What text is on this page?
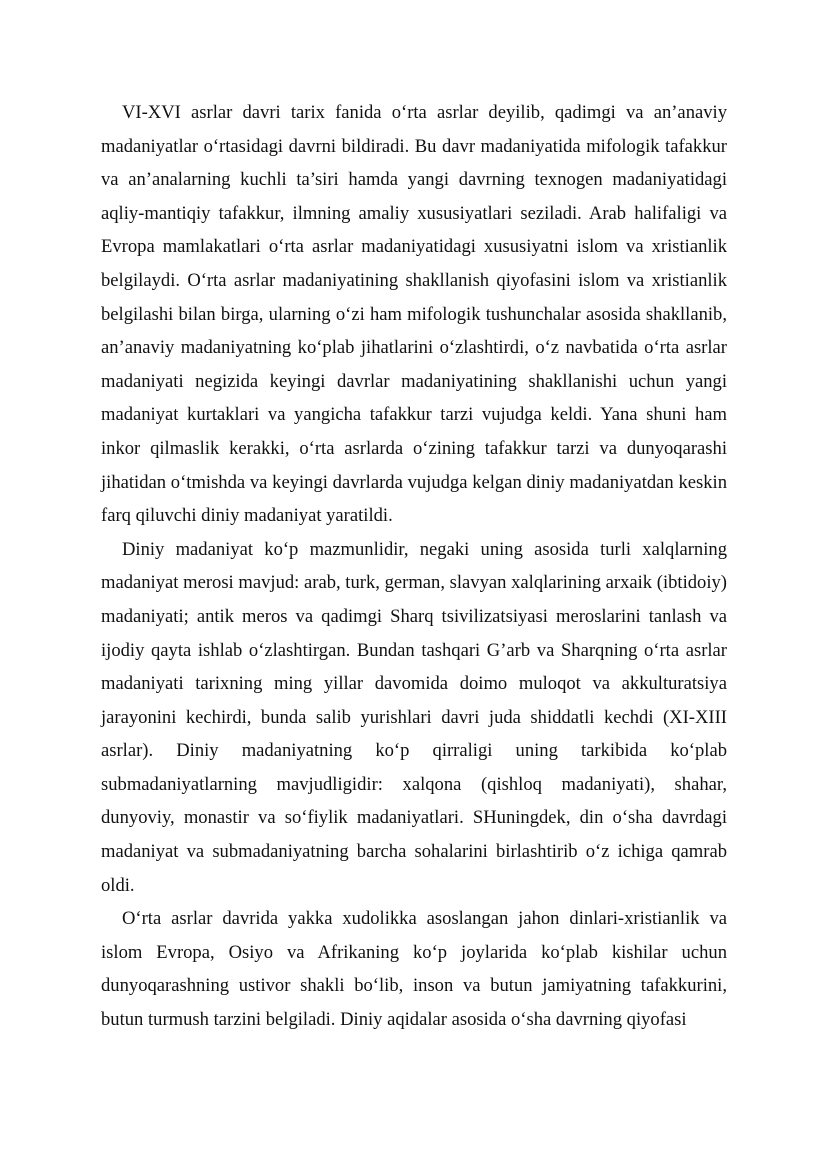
VI-XVI asrlar davri tarix fanida o‘rta asrlar deyilib, qadimgi va an’anaviy madaniyatlar o‘rtasidagi davrni bildiradi. Bu davr madaniyatida mifologik tafakkur va an’analarning kuchli ta’siri hamda yangi davrning texnogen madaniyatidagi aqliy-mantiqiy tafakkur, ilmning amaliy xususiyatlari seziladi. Arab halifaligi va Evropa mamlakatlari o‘rta asrlar madaniyatidagi xususiyatni islom va xristianlik belgilaydi. O‘rta asrlar madaniyatining shakllanish qiyofasini islom va xristianlik belgilashi bilan birga, ularning o‘zi ham mifologik tushunchalar asosida shakllanib, an’anaviy madaniyatning ko‘plab jihatlarini o‘zlashtirdi, o‘z navbatida o‘rta asrlar madaniyati negizida keyingi davrlar madaniyatining shakllanishi uchun yangi madaniyat kurtaklari va yangicha tafakkur tarzi vujudga keldi. Yana shuni ham inkor qilmaslik kerakki, o‘rta asrlarda o‘zining tafakkur tarzi va dunyoqarashi jihatidan o‘tmishda va keyingi davrlarda vujudga kelgan diniy madaniyatdan keskin farq qiluvchi diniy madaniyat yaratildi.

Diniy madaniyat ko‘p mazmunlidir, negaki uning asosida turli xalqlarning madaniyat merosi mavjud: arab, turk, german, slavyan xalqlarining arxaik (ibtidoiy) madaniyati; antik meros va qadimgi Sharq tsivilizatsiyasi meroslarini tanlash va ijodiy qayta ishlab o‘zlashtirgan. Bundan tashqari G’arb va Sharqning o‘rta asrlar madaniyati tarixning ming yillar davomida doimo muloqot va akkulturatsiya jarayonini kechirdi, bunda salib yurishlari davri juda shiddatli kechdi (XI-XIII asrlar). Diniy madaniyatning ko‘p qirraligi uning tarkibida ko‘plab submadaniyatlarning mavjudligidir: xalqona (qishloq madaniyati), shahar, dunyoviy, monastir va so‘fiylik madaniyatlari. SHuningdek, din o‘sha davrdagi madaniyat va submadaniyatning barcha sohalarini birlashtirib o‘z ichiga qamrab oldi.

O‘rta asrlar davrida yakka xudolikka asoslangan jahon dinlari-xristianlik va islom Evropa, Osiyo va Afrikaning ko‘p joylarida ko‘plab kishilar uchun dunyoqarashning ustivor shakli bo‘lib, inson va butun jamiyatning tafakkurini, butun turmush tarzini belgiladi. Diniy aqidalar asosida o‘sha davrning qiyofasi
